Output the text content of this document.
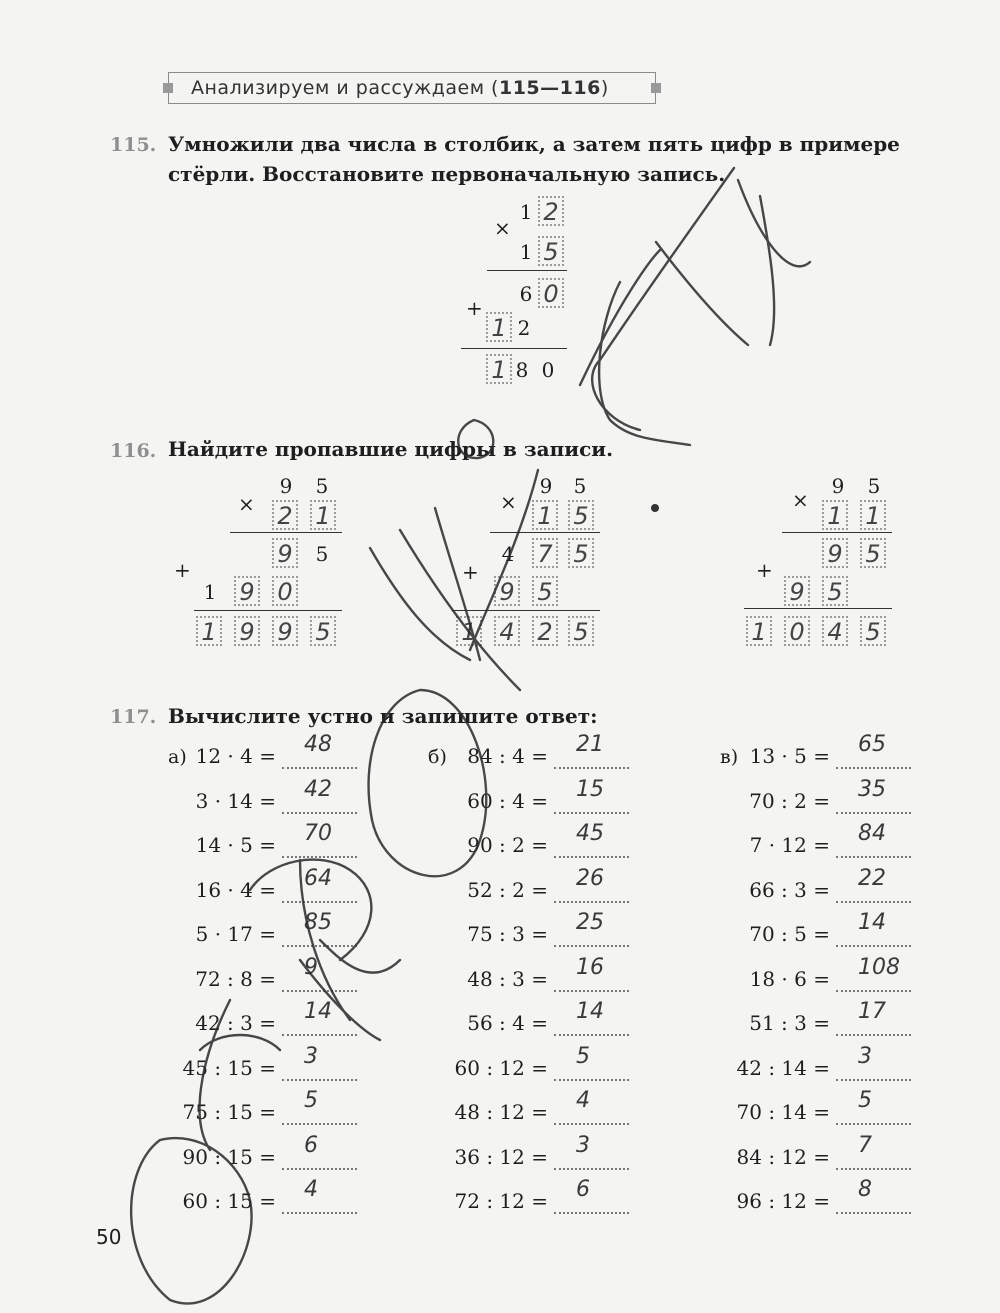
Анализируем и рассуждаем ( 115—116 )
115. Умножили два числа в столбик, а затем пять цифр в примере
стёрли. Восстановите первоначальную запись.
×
1 2
1 5
+
6 0
1 2
1 8 0
116. Найдите пропавшие цифры в записи.
×
9 5
2 1
9 5
+
1 9 0
1 9 9 5
×
9 5
1 5
4 7 5
+
9 5
1 4 2 5
×
9 5
1 1
9 5
+
9 5
1 0 4 5
117. Вычислите устно и запишите ответ:
а)	б)	в)
12 · 4 = 48
3 · 14 = 42
14 · 5 = 70
16 · 4 = 64
5 · 17 = 85
72 : 8 = 9
42 : 3 = 14
45 : 15 = 3
75 : 15 = 5
90 : 15 = 6
60 : 15 = 4
84 : 4 = 21
60 : 4 = 15
90 : 2 = 45
52 : 2 = 26
75 : 3 = 25
48 : 3 = 16
56 : 4 = 14
60 : 12 = 5
48 : 12 = 4
36 : 12 = 3
72 : 12 = 6
13 · 5 = 65
70 : 2 = 35
7 · 12 = 84
66 : 3 = 22
70 : 5 = 14
18 · 6 = 108
51 : 3 = 17
42 : 14 = 3
70 : 14 = 5
84 : 12 = 7
96 : 12 = 8
50
